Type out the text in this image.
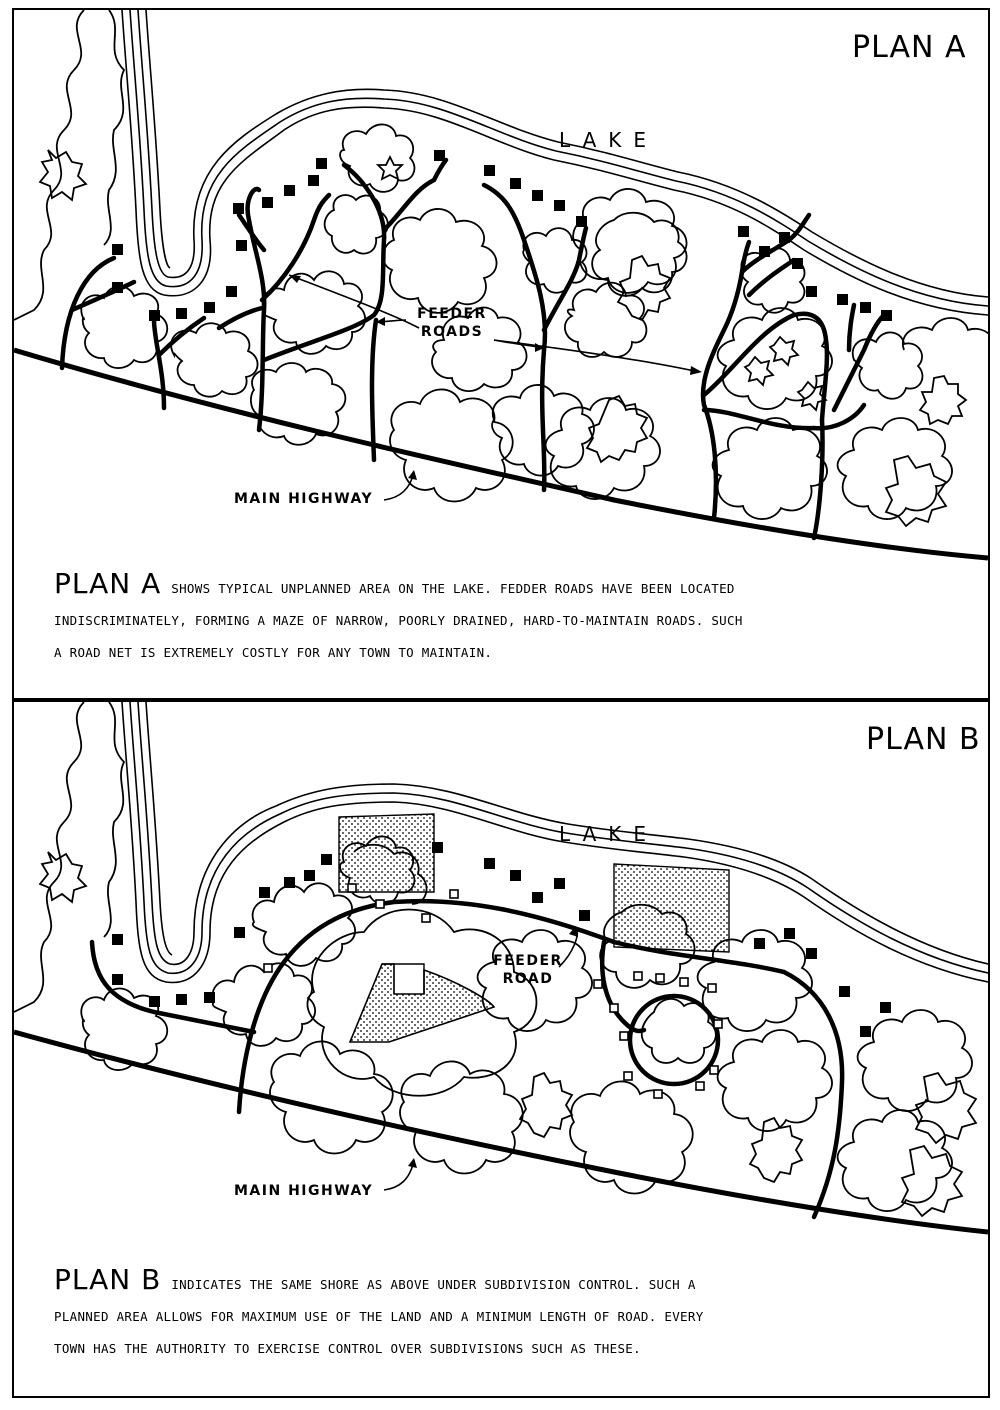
PLAN A
LAKE
FEEDER
ROADS
MAIN HIGHWAY

PLAN A SHOWS TYPICAL UNPLANNED AREA ON THE LAKE. FEDDER ROADS HAVE BEEN LOCATED

INDISCRIMINATELY, FORMING A MAZE OF NARROW, POORLY DRAINED, HARD-TO-MAINTAIN ROADS. SUCH

A ROAD NET IS EXTREMELY COSTLY FOR ANY TOWN TO MAINTAIN.

PLAN B
LAKE
FEEDER
ROAD
MAIN HIGHWAY

PLAN B INDICATES THE SAME SHORE AS ABOVE UNDER SUBDIVISION CONTROL. SUCH A

PLANNED AREA ALLOWS FOR MAXIMUM USE OF THE LAND AND A MINIMUM LENGTH OF ROAD. EVERY

TOWN HAS THE AUTHORITY TO EXERCISE CONTROL OVER SUBDIVISIONS SUCH AS THESE.
